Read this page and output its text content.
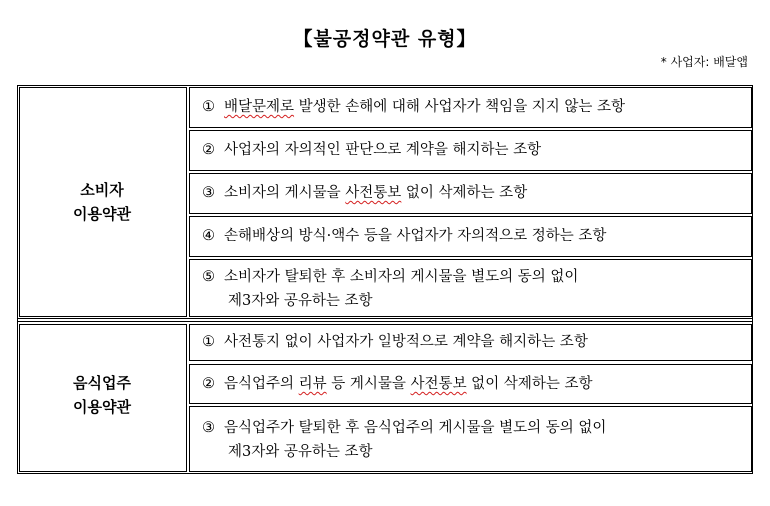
【불공정약관 유형】
* 사업자: 배달앱
소비자
이용약관
음식업주
이용약관
① 배달문제로 발생한 손해에 대해 사업자가 책임을 지지 않는 조항
② 사업자의 자의적인 판단으로 계약을 해지하는 조항
③ 소비자의 게시물을 사전통보 없이 삭제하는 조항
④ 손해배상의 방식·액수 등을 사업자가 자의적으로 정하는 조항
⑤ 소비자가 탈퇴한 후 소비자의 게시물을 별도의 동의 없이
제3자와 공유하는 조항
① 사전통지 없이 사업자가 일방적으로 계약을 해지하는 조항
② 음식업주의 리뷰 등 게시물을 사전통보 없이 삭제하는 조항
③ 음식업주가 탈퇴한 후 음식업주의 게시물을 별도의 동의 없이
제3자와 공유하는 조항
